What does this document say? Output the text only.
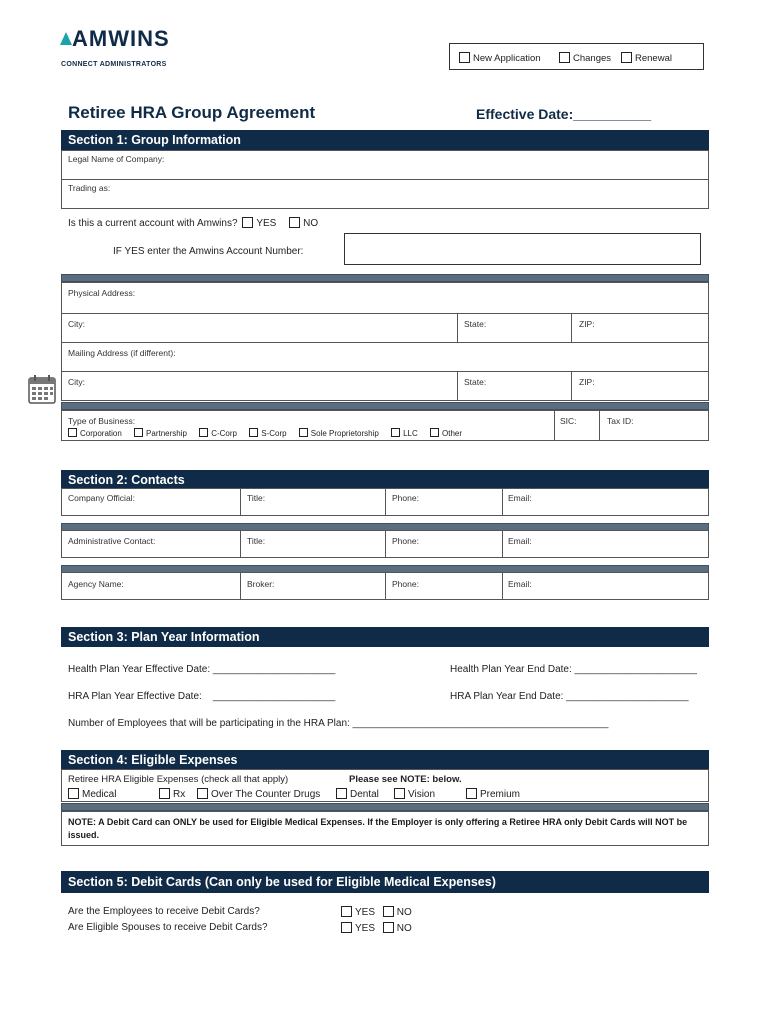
AMWINS
CONNECT ADMINISTRATORS
New Application	Changes	Renewal
Retiree HRA Group Agreement	Effective Date:__________
Section 1: Group Information
Legal Name of Company:
Trading as:
Is this a current account with Amwins? YES	NO
IF YES enter the Amwins Account Number:
Physical Address:
City:	State:	ZIP:
Mailing Address (if different):
City:	State:	ZIP:
Type of Business:
Corporation	Partnership	C-Corp	S-Corp	Sole Proprietorship	LLC	Other
SIC:	Tax ID:
Section 2: Contacts
Company Official:	Title:	Phone:	Email:
Administrative Contact:	Title:	Phone:	Email:
Agency Name:	Broker:	Phone:	Email:
Section 3: Plan Year Information
Health Plan Year Effective Date: ______________________	Health Plan Year End Date: ______________________
HRA Plan Year Effective Date:    ______________________	HRA Plan Year End Date: ______________________
Number of Employees that will be participating in the HRA Plan: ______________________________________________
Section 4: Eligible Expenses
Retiree HRA Eligible Expenses (check all that apply)	Please see NOTE: below.
Medical	Rx	Over The Counter Drugs	Dental	Vision	Premium
NOTE: A Debit Card can ONLY be used for Eligible Medical Expenses. If the Employer is only offering a Retiree HRA only Debit Cards will NOT be issued.
Section 5: Debit Cards (Can only be used for Eligible Medical Expenses)
Are the Employees to receive Debit Cards?	YES NO
Are Eligible Spouses to receive Debit Cards?	YES NO
